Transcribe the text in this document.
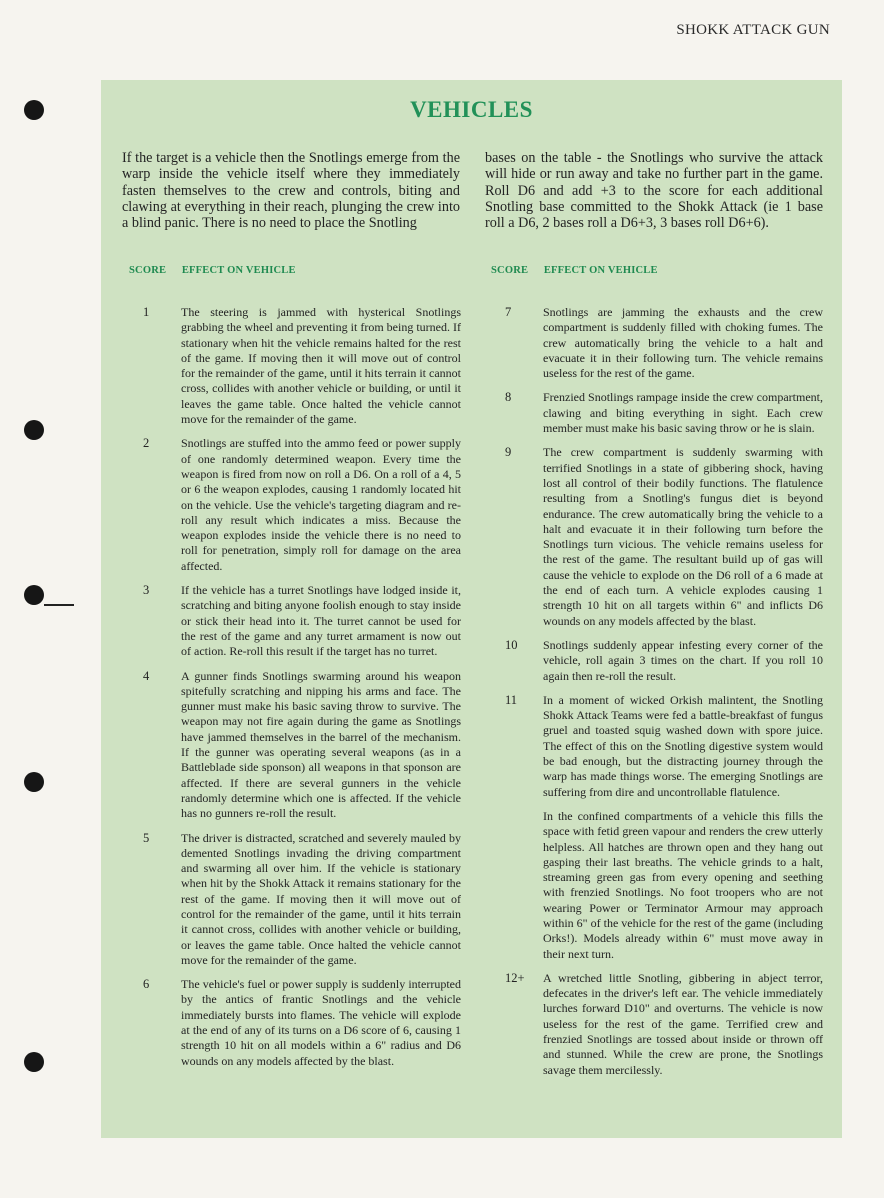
SHOKK ATTACK GUN
VEHICLES
If the target is a vehicle then the Snotlings emerge from the warp inside the vehicle itself where they immediately fasten themselves to the crew and controls, biting and clawing at everything in their reach, plunging the crew into a blind panic. There is no need to place the Snotling
bases on the table - the Snotlings who survive the attack will hide or run away and take no further part in the game. Roll D6 and add +3 to the score for each additional Snotling base committed to the Shokk Attack (ie 1 base roll a D6, 2 bases roll a D6+3, 3 bases roll D6+6).
SCORE EFFECT ON VEHICLE
1	The steering is jammed with hysterical Snotlings grabbing the wheel and preventing it from being turned. If stationary when hit the vehicle remains halted for the rest of the game. If moving then it will move out of control for the remainder of the game, until it hits terrain it cannot cross, collides with another vehicle or building, or until it leaves the game table. Once halted the vehicle cannot move for the remainder of the game.
2	Snotlings are stuffed into the ammo feed or power supply of one randomly determined weapon. Every time the weapon is fired from now on roll a D6. On a roll of a 4, 5 or 6 the weapon explodes, causing 1 randomly located hit on the vehicle. Use the vehicle's targeting diagram and re-roll any result which indicates a miss. Because the weapon explodes inside the vehicle there is no need to roll for penetration, simply roll for damage on the area affected.
3	If the vehicle has a turret Snotlings have lodged inside it, scratching and biting anyone foolish enough to stay inside or stick their head into it. The turret cannot be used for the rest of the game and any turret armament is now out of action. Re-roll this result if the target has no turret.
4	A gunner finds Snotlings swarming around his weapon spitefully scratching and nipping his arms and face. The gunner must make his basic saving throw to survive. The weapon may not fire again during the game as Snotlings have jammed themselves in the barrel of the mechanism. If the gunner was operating several weapons (as in a Battleblade side sponson) all weapons in that sponson are affected. If there are several gunners in the vehicle randomly determine which one is affected. If the vehicle has no gunners re-roll the result.
5	The driver is distracted, scratched and severely mauled by demented Snotlings invading the driving compartment and swarming all over him. If the vehicle is stationary when hit by the Shokk Attack it remains stationary for the rest of the game. If moving then it will move out of control for the remainder of the game, until it hits terrain it cannot cross, collides with another vehicle or building, or leaves the game table. Once halted the vehicle cannot move for the remainder of the game.
6	The vehicle's fuel or power supply is suddenly interrupted by the antics of frantic Snotlings and the vehicle immediately bursts into flames. The vehicle will explode at the end of any of its turns on a D6 score of 6, causing 1 strength 10 hit on all models within a 6" radius and D6 wounds on any models affected by the blast.
SCORE EFFECT ON VEHICLE
7	Snotlings are jamming the exhausts and the crew compartment is suddenly filled with choking fumes. The crew automatically bring the vehicle to a halt and evacuate it in their following turn. The vehicle remains useless for the rest of the game.
8	Frenzied Snotlings rampage inside the crew compartment, clawing and biting everything in sight. Each crew member must make his basic saving throw or he is slain.
9	The crew compartment is suddenly swarming with terrified Snotlings in a state of gibbering shock, having lost all control of their bodily functions. The flatulence resulting from a Snotling's fungus diet is beyond endurance. The crew automatically bring the vehicle to a halt and evacuate it in their following turn before the Snotlings turn vicious. The vehicle remains useless for the rest of the game. The resultant build up of gas will cause the vehicle to explode on the D6 roll of a 6 made at the end of each turn. A vehicle explodes causing 1 strength 10 hit on all targets within 6" and inflicts D6 wounds on any models affected by the blast.
10	Snotlings suddenly appear infesting every corner of the vehicle, roll again 3 times on the chart. If you roll 10 again then re-roll the result.
11	In a moment of wicked Orkish malintent, the Snotling Shokk Attack Teams were fed a battle-breakfast of fungus gruel and toasted squig washed down with spore juice. The effect of this on the Snotling digestive system would be bad enough, but the distracting journey through the warp has made things worse. The emerging Snotlings are suffering from dire and uncontrollable flatulence.

In the confined compartments of a vehicle this fills the space with fetid green vapour and renders the crew utterly helpless. All hatches are thrown open and they hang out gasping their last breaths. The vehicle grinds to a halt, streaming green gas from every opening and seething with frenzied Snotlings. No foot troopers who are not wearing Power or Terminator Armour may approach within 6" of the vehicle for the rest of the game (including Orks!). Models already within 6" must move away in their next turn.

12+	A wretched little Snotling, gibbering in abject terror, defecates in the driver's left ear. The vehicle immediately lurches forward D10" and overturns. The vehicle is now useless for the rest of the game. Terrified crew and frenzied Snotlings are tossed about inside or thrown off and stunned. While the crew are prone, the Snotlings savage them mercilessly.
